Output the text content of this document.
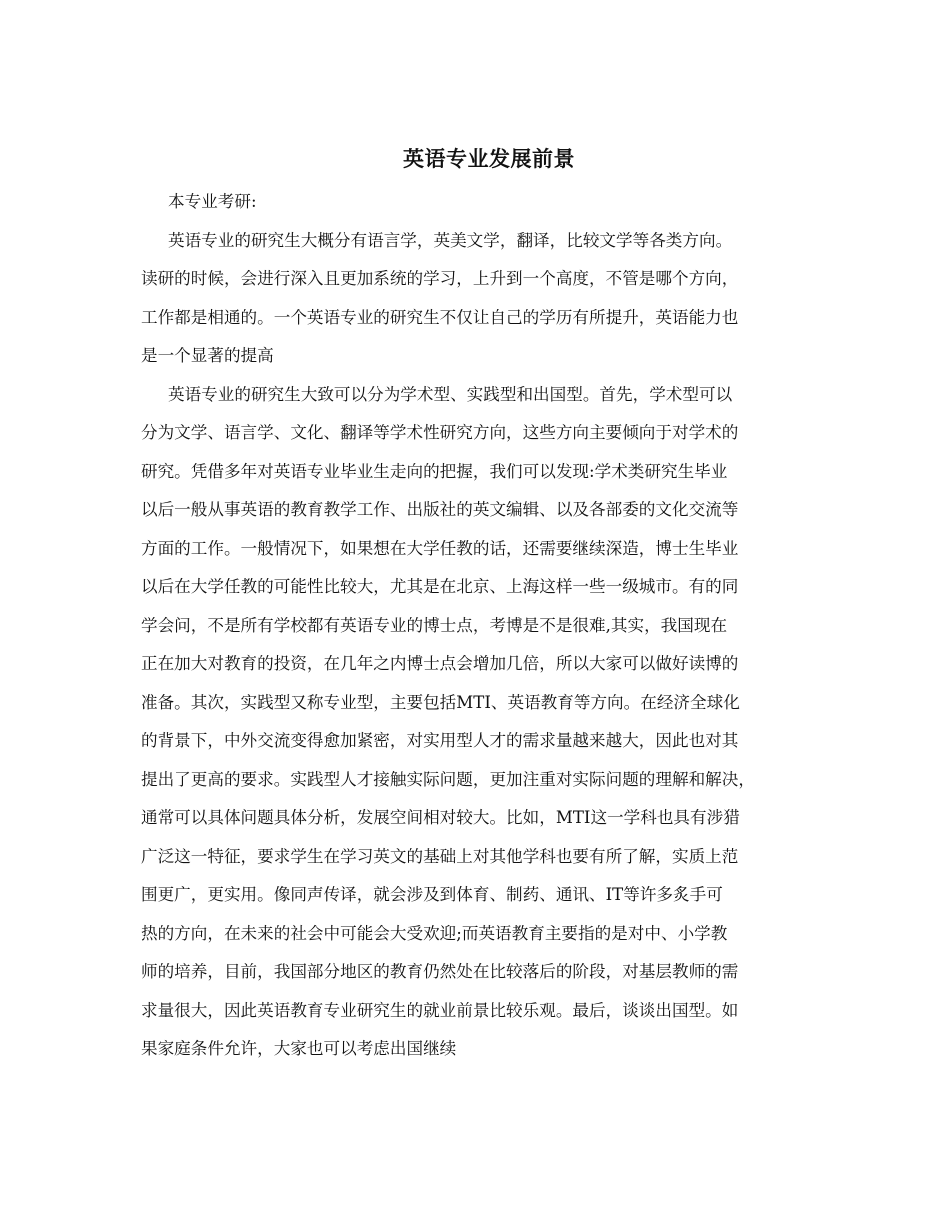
英语专业发展前景
本专业考研:
英语专业的研究生大概分有语言学，英美文学，翻译，比较文学等各类方向。
读研的时候，会进行深入且更加系统的学习，上升到一个高度，不管是哪个方向，
工作都是相通的。一个英语专业的研究生不仅让自己的学历有所提升，英语能力也
是一个显著的提高
英语专业的研究生大致可以分为学术型、实践型和出国型。首先，学术型可以
分为文学、语言学、文化、翻译等学术性研究方向，这些方向主要倾向于对学术的
研究。凭借多年对英语专业毕业生走向的把握，我们可以发现:学术类研究生毕业
以后一般从事英语的教育教学工作、出版社的英文编辑、以及各部委的文化交流等
方面的工作。一般情况下，如果想在大学任教的话，还需要继续深造，博士生毕业
以后在大学任教的可能性比较大，尤其是在北京、上海这样一些一级城市。有的同
学会问，不是所有学校都有英语专业的博士点，考博是不是很难,其实，我国现在
正在加大对教育的投资，在几年之内博士点会增加几倍，所以大家可以做好读博的
准备。其次，实践型又称专业型，主要包括MTI、英语教育等方向。在经济全球化
的背景下，中外交流变得愈加紧密，对实用型人才的需求量越来越大，因此也对其
提出了更高的要求。实践型人才接触实际问题，更加注重对实际问题的理解和解决，
通常可以具体问题具体分析，发展空间相对较大。比如，MTI这一学科也具有涉猎
广泛这一特征，要求学生在学习英文的基础上对其他学科也要有所了解，实质上范
围更广，更实用。像同声传译，就会涉及到体育、制药、通讯、IT等许多炙手可
热的方向，在未来的社会中可能会大受欢迎;而英语教育主要指的是对中、小学教
师的培养，目前，我国部分地区的教育仍然处在比较落后的阶段，对基层教师的需
求量很大，因此英语教育专业研究生的就业前景比较乐观。最后，谈谈出国型。如
果家庭条件允许，大家也可以考虑出国继续
